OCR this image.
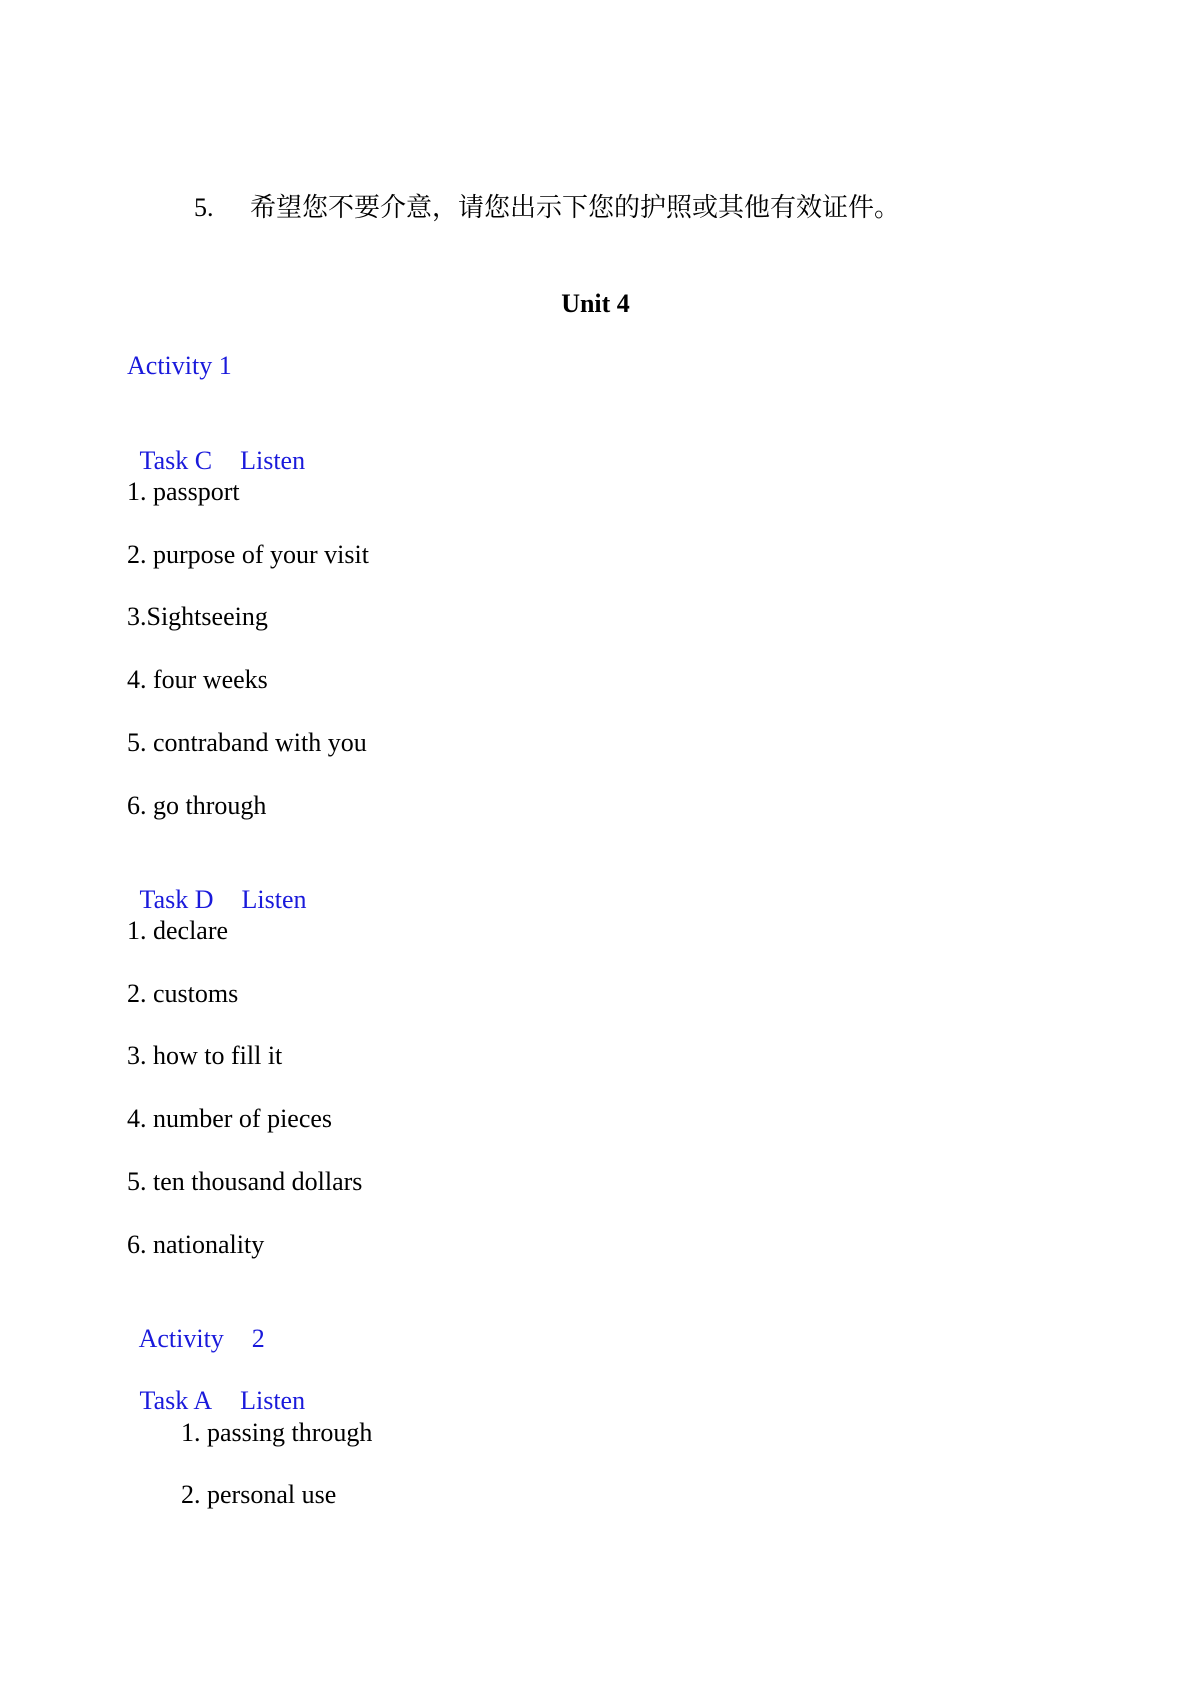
5. 希望您不要介意，请您出示下您的护照或其他有效证件。

Unit 4
Activity 1

Task C Listen

1. passport
2. purpose of your visit
3.Sightseeing
4. four weeks
5. contraband with you
6. go through

Task D Listen

1. declare
2. customs
3. how to fill it
4. number of pieces
5. ten thousand dollars
6. nationality

Activity 2

Task A Listen

1. passing through
2. personal use
